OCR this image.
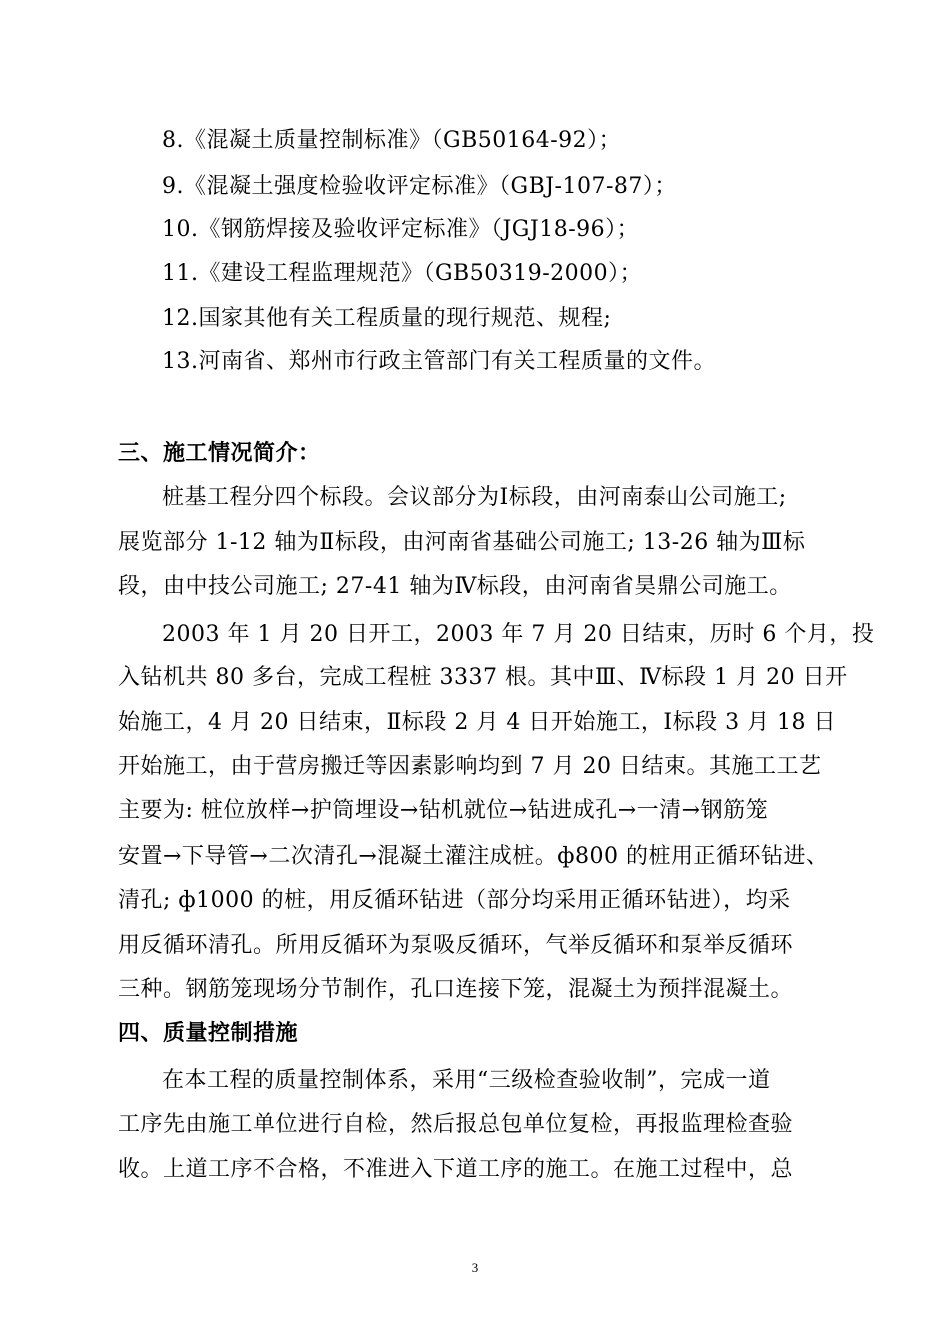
8.《混凝土质量控制标准》（GB50164-92）；
9.《混凝土强度检验收评定标准》（GBJ-107-87）；
10.《钢筋焊接及验收评定标准》（JGJ18-96）；
11.《建设工程监理规范》（GB50319-2000）；
12.国家其他有关工程质量的现行规范、规程;
13.河南省、郑州市行政主管部门有关工程质量的文件。
三、施工情况简介：
桩基工程分四个标段。会议部分为Ⅰ标段，由河南泰山公司施工;
展览部分 1-12 轴为Ⅱ标段，由河南省基础公司施工; 13-26 轴为Ⅲ标
段，由中技公司施工; 27-41 轴为Ⅳ标段，由河南省昊鼎公司施工。
2003 年 1 月 20 日开工，2003 年 7 月 20 日结束，历时 6 个月，投
入钻机共 80 多台，完成工程桩 3337 根。其中Ⅲ、Ⅳ标段 1 月 20 日开
始施工，4 月 20 日结束，Ⅱ标段 2 月 4 日开始施工，Ⅰ标段 3 月 18 日
开始施工，由于营房搬迁等因素影响均到 7 月 20 日结束。其施工工艺
主要为: 桩位放样→护筒埋设→钻机就位→钻进成孔→一清→钢筋笼
安置→下导管→二次清孔→混凝土灌注成桩。ф800 的桩用正循环钻进、
清孔; ф1000 的桩，用反循环钻进（部分均采用正循环钻进），均采
用反循环清孔。所用反循环为泵吸反循环，气举反循环和泵举反循环
三种。钢筋笼现场分节制作，孔口连接下笼，混凝土为预拌混凝土。
四、质量控制措施
在本工程的质量控制体系，采用“三级检查验收制”，完成一道
工序先由施工单位进行自检，然后报总包单位复检，再报监理检查验
收。上道工序不合格，不准进入下道工序的施工。在施工过程中，总
3
